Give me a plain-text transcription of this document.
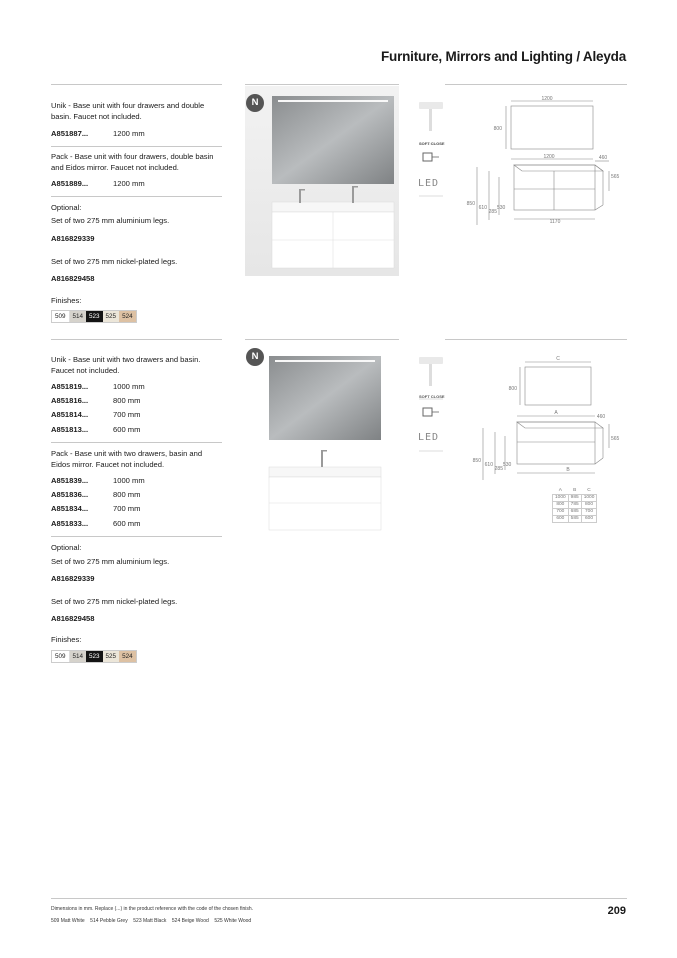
Furniture, Mirrors and Lighting / Aleyda
Unik - Base unit with four drawers and double basin. Faucet not included.
A851887...	1200 mm
Pack - Base unit with four drawers, double basin and Eidos mirror. Faucet not included.
A851889...	1200 mm
Optional:
Set of two 275 mm aluminium legs.
A816829339
Set of two 275 mm nickel-plated legs.
A816829458
Finishes:
509	514 523 525 524
N
SOFT CLOSE
LED
1200
800
1200	460
565
850
610 530
285
1170
Unik - Base unit with two drawers and basin. Faucet not included.
A851819...	1000 mm
A851816...	800 mm
A851814...	700 mm
A851813...	600 mm
Pack - Base unit with two drawers, basin and Eidos mirror. Faucet not included.
A851839...	1000 mm
A851836...	800 mm
A851834...	700 mm
A851833...	600 mm
Optional:
Set of two 275 mm aluminium legs.
A816829339
Set of two 275 mm nickel-plated legs.
A816829458
Finishes:
509	514 523 525 524
N
SOFT CLOSE
LED
C
800
A
460
565
850
610 530
285	B
A	B	C
1000	985	1000
800	785	800
700	685	700
600	585	600
Dimensions in mm. Replace (...) in the product reference with the code of the chosen finish.
509 Matt White    514 Pebble Grey    523 Matt Black    524 Beige Wood    525 White Wood
209
